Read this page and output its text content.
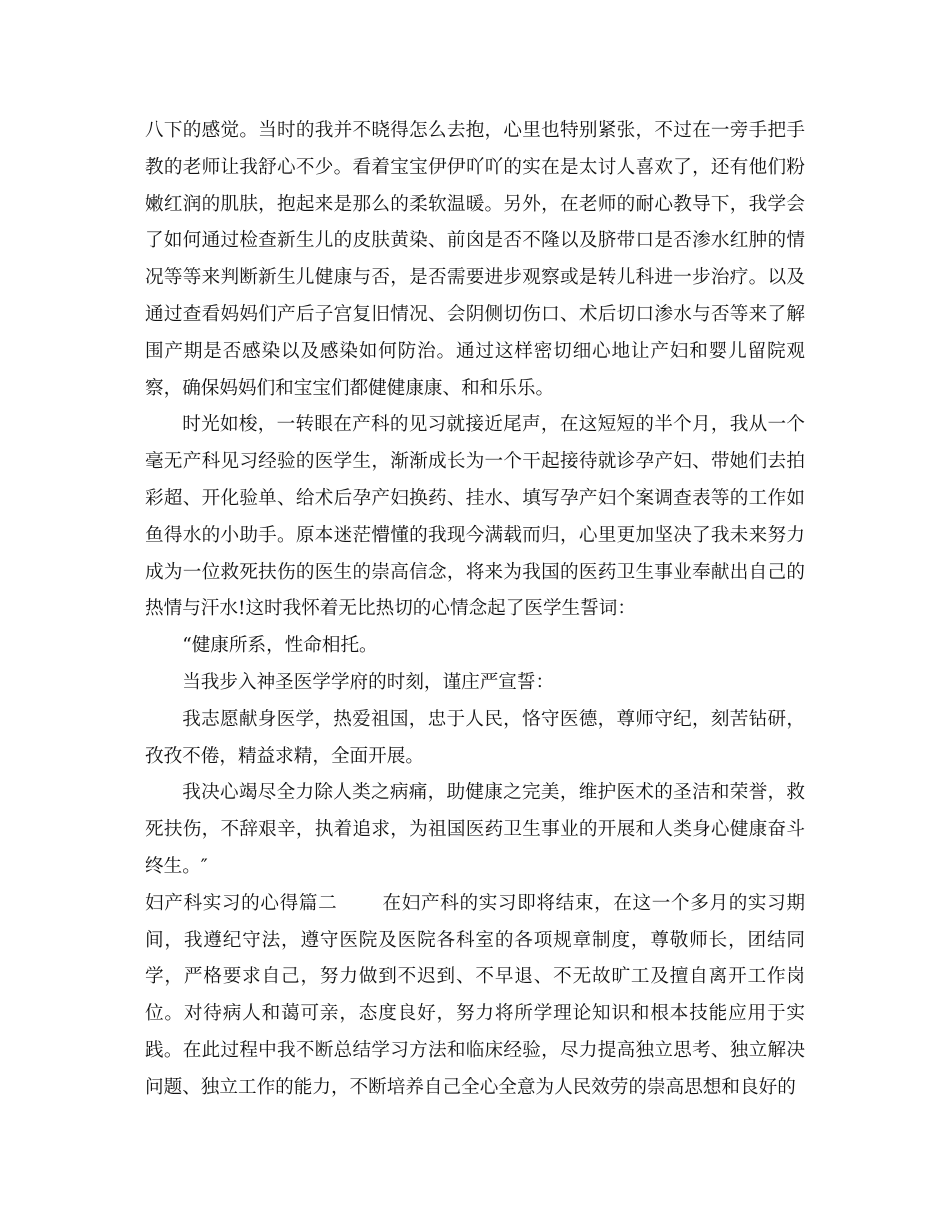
八下的感觉。当时的我并不晓得怎么去抱，心里也特别紧张，不过在一旁手把手教的老师让我舒心不少。看着宝宝伊伊吖吖的实在是太讨人喜欢了，还有他们粉嫩红润的肌肤，抱起来是那么的柔软温暖。另外，在老师的耐心教导下，我学会了如何通过检查新生儿的皮肤黄染、前囟是否不隆以及脐带口是否渗水红肿的情况等等来判断新生儿健康与否，是否需要进步观察或是转儿科进一步治疗。以及通过查看妈妈们产后子宫复旧情况、会阴侧切伤口、术后切口渗水与否等来了解围产期是否感染以及感染如何防治。通过这样密切细心地让产妇和婴儿留院观察，确保妈妈们和宝宝们都健健康康、和和乐乐。

时光如梭，一转眼在产科的见习就接近尾声，在这短短的半个月，我从一个毫无产科见习经验的医学生，渐渐成长为一个干起接待就诊孕产妇、带她们去拍彩超、开化验单、给术后孕产妇换药、挂水、填写孕产妇个案调查表等的工作如鱼得水的小助手。原本迷茫懵懂的我现今满载而归，心里更加坚决了我未来努力成为一位救死扶伤的医生的崇高信念，将来为我国的医药卫生事业奉献出自己的热情与汗水!这时我怀着无比热切的心情念起了医学生誓词：

“健康所系，性命相托。

当我步入神圣医学学府的时刻，谨庄严宣誓：

我志愿献身医学，热爱祖国，忠于人民，恪守医德，尊师守纪，刻苦钻研，孜孜不倦，精益求精，全面开展。

我决心竭尽全力除人类之病痛，助健康之完美，维护医术的圣洁和荣誉，救死扶伤，不辞艰辛，执着追求，为祖国医药卫生事业的开展和人类身心健康奋斗终生。″

妇产科实习的心得篇二 在妇产科的实习即将结束，在这一个多月的实习期间，我遵纪守法，遵守医院及医院各科室的各项规章制度，尊敬师长，团结同学，严格要求自己，努力做到不迟到、不早退、不无故旷工及擅自离开工作岗位。对待病人和蔼可亲，态度良好，努力将所学理论知识和根本技能应用于实践。在此过程中我不断总结学习方法和临床经验，尽力提高独立思考、独立解决问题、独立工作的能力，不断培养自己全心全意为人民效劳的崇高思想和良好的
